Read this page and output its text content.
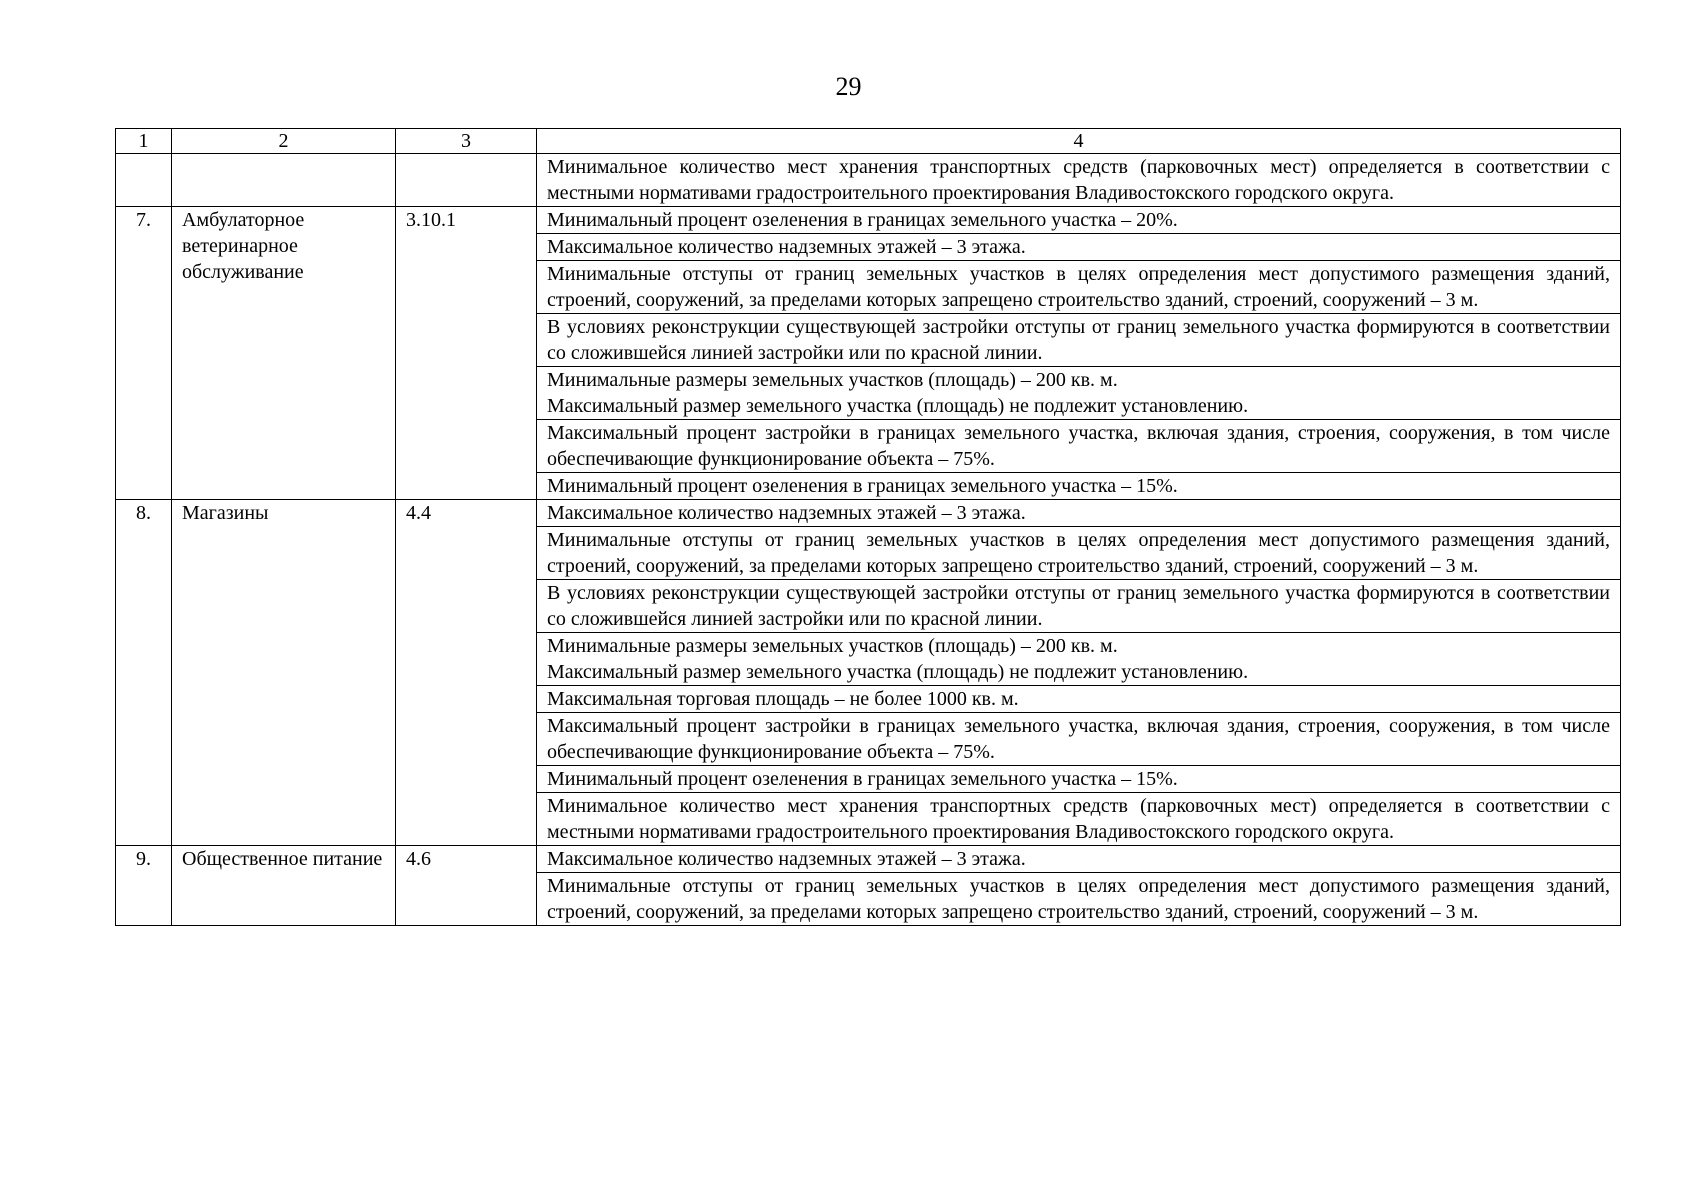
29
1	2	3	4
			Минимальное количество мест хранения транспортных средств (парковочных мест) определяется в соответствии с местными нормативами градостроительного проектирования Владивостокского городского округа.
7.	Амбулаторное ветеринарное обслуживание	3.10.1	Минимальный процент озеленения в границах земельного участка – 20%.
			Максимальное количество надземных этажей – 3 этажа.
			Минимальные отступы от границ земельных участков в целях определения мест допустимого размещения зданий, строений, сооружений, за пределами которых запрещено строительство зданий, строений, сооружений – 3 м.
			В условиях реконструкции существующей застройки отступы от границ земельного участка формируются в соответствии со сложившейся линией застройки или по красной линии.
			Минимальные размеры земельных участков (площадь) – 200 кв. м.
Максимальный размер земельного участка (площадь) не подлежит установлению.
			Максимальный процент застройки в границах земельного участка, включая здания, строения, сооружения, в том числе обеспечивающие функционирование объекта – 75%.
			Минимальный процент озеленения в границах земельного участка – 15%.
8.	Магазины	4.4	Максимальное количество надземных этажей – 3 этажа.
			Минимальные отступы от границ земельных участков в целях определения мест допустимого размещения зданий, строений, сооружений, за пределами которых запрещено строительство зданий, строений, сооружений – 3 м.
			В условиях реконструкции существующей застройки отступы от границ земельного участка формируются в соответствии со сложившейся линией застройки или по красной линии.
			Минимальные размеры земельных участков (площадь) – 200 кв. м.
Максимальный размер земельного участка (площадь) не подлежит установлению.
			Максимальная торговая площадь – не более 1000 кв. м.
			Максимальный процент застройки в границах земельного участка, включая здания, строения, сооружения, в том числе обеспечивающие функционирование объекта – 75%.
			Минимальный процент озеленения в границах земельного участка – 15%.
			Минимальное количество мест хранения транспортных средств (парковочных мест) определяется в соответствии с местными нормативами градостроительного проектирования Владивостокского городского округа.
9.	Общественное питание	4.6	Максимальное количество надземных этажей – 3 этажа.
			Минимальные отступы от границ земельных участков в целях определения мест допустимого размещения зданий, строений, сооружений, за пределами которых запрещено строительство зданий, строений, сооружений – 3 м.
